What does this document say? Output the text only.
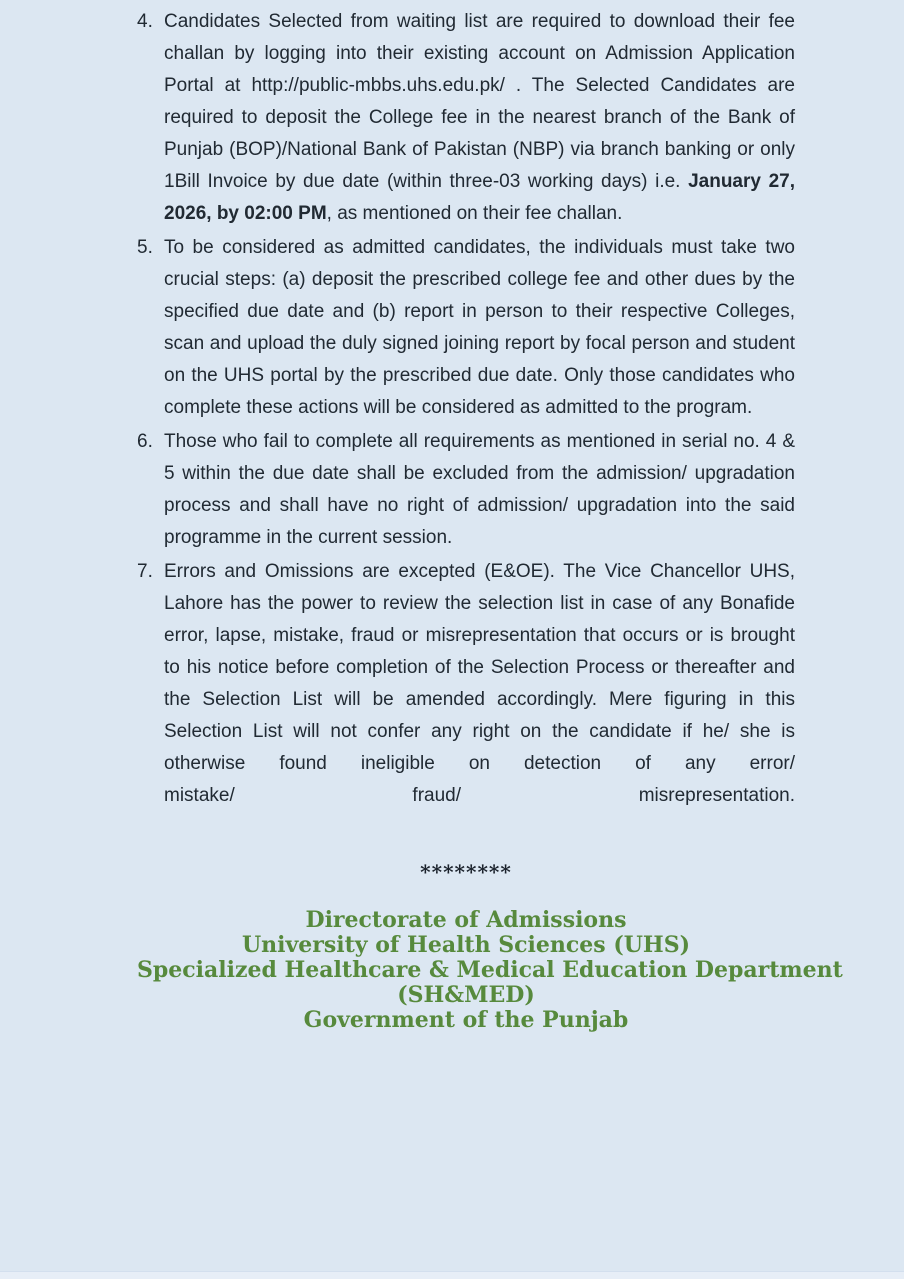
4. Candidates Selected from waiting list are required to download their fee challan by logging into their existing account on Admission Application Portal at http://public-mbbs.uhs.edu.pk/ . The Selected Candidates are required to deposit the College fee in the nearest branch of the Bank of Punjab (BOP)/National Bank of Pakistan (NBP) via branch banking or only 1Bill Invoice by due date (within three-03 working days) i.e. January 27, 2026, by 02:00 PM, as mentioned on their fee challan.

5. To be considered as admitted candidates, the individuals must take two crucial steps: (a) deposit the prescribed college fee and other dues by the specified due date and (b) report in person to their respective Colleges, scan and upload the duly signed joining report by focal person and student on the UHS portal by the prescribed due date. Only those candidates who complete these actions will be considered as admitted to the program.

6. Those who fail to complete all requirements as mentioned in serial no. 4 & 5 within the due date shall be excluded from the admission/ upgradation process and shall have no right of admission/ upgradation into the said programme in the current session.

7. Errors and Omissions are excepted (E&OE). The Vice Chancellor UHS, Lahore has the power to review the selection list in case of any Bonafide error, lapse, mistake, fraud or misrepresentation that occurs or is brought to his notice before completion of the Selection Process or thereafter and the Selection List will be amended accordingly. Mere figuring in this Selection List will not confer any right on the candidate if he/ she is otherwise found ineligible on detection of any error/

mistake/	fraud/	misrepresentation.
********
Directorate of Admissions
University of Health Sciences (UHS)
Specialized Healthcare & Medical Education Department
(SH&MED)
Government of the Punjab
